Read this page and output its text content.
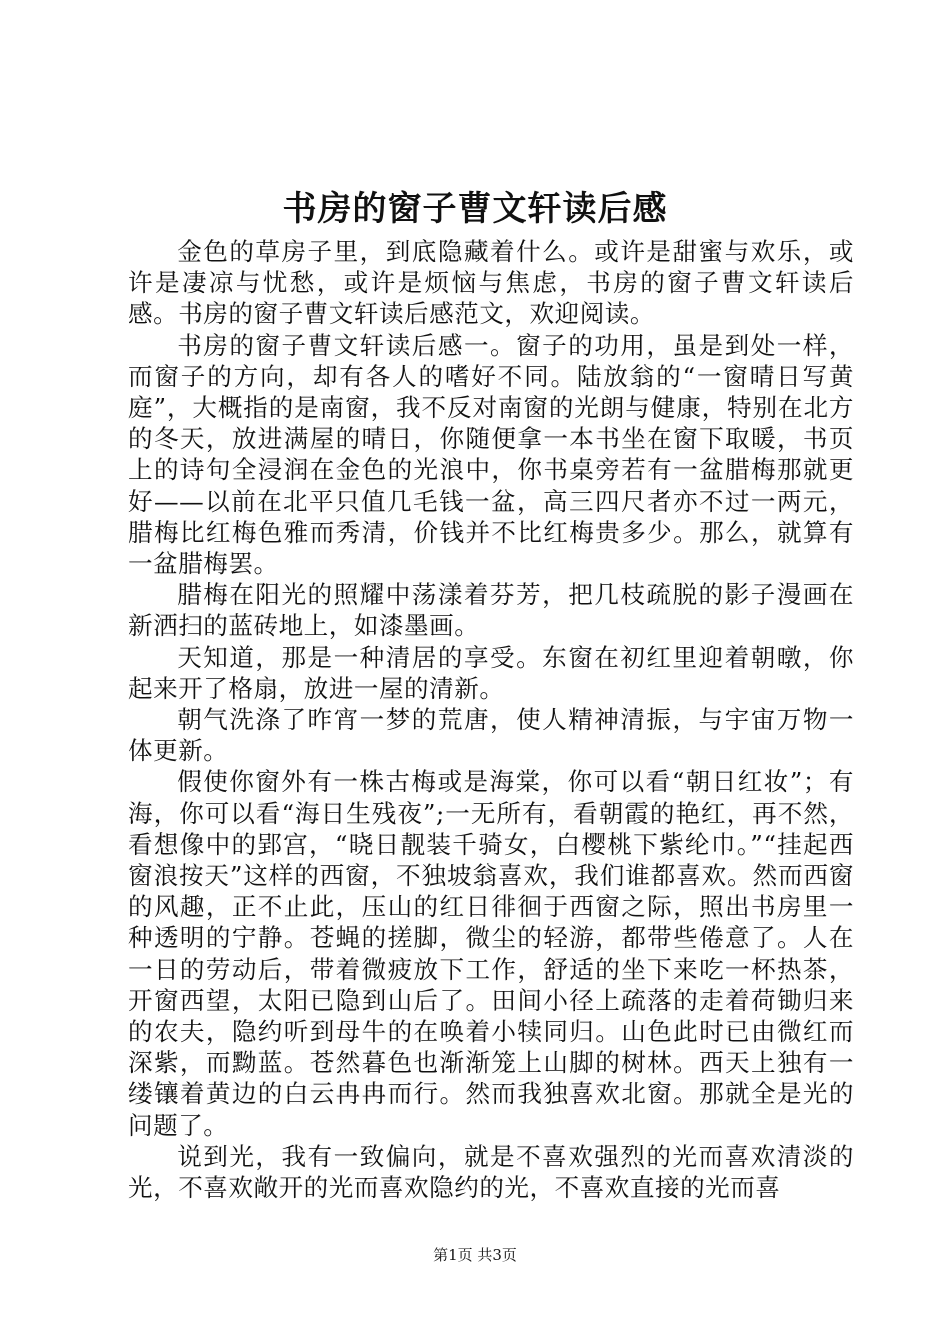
书房的窗子曹文轩读后感

金色的草房子里，到底隐藏着什么。或许是甜蜜与欢乐，或许是凄凉与忧愁，或许是烦恼与焦虑，书房的窗子曹文轩读后感。书房的窗子曹文轩读后感范文，欢迎阅读。

书房的窗子曹文轩读后感一。窗子的功用，虽是到处一样，而窗子的方向，却有各人的嗜好不同。陆放翁的“一窗晴日写黄庭”，大概指的是南窗，我不反对南窗的光朗与健康，特别在北方的冬天，放进满屋的晴日，你随便拿一本书坐在窗下取暖，书页上的诗句全浸润在金色的光浪中，你书桌旁若有一盆腊梅那就更好——以前在北平只值几毛钱一盆，高三四尺者亦不过一两元，腊梅比红梅色雅而秀清，价钱并不比红梅贵多少。那么，就算有一盆腊梅罢。

腊梅在阳光的照耀中荡漾着芬芳，把几枝疏脱的影子漫画在新洒扫的蓝砖地上，如漆墨画。

天知道，那是一种清居的享受。东窗在初红里迎着朝暾，你起来开了格扇，放进一屋的清新。

朝气洗涤了昨宵一梦的荒唐，使人精神清振，与宇宙万物一体更新。

假使你窗外有一株古梅或是海棠，你可以看“朝日红妆”；有海，你可以看“海日生残夜”;一无所有，看朝霞的艳红，再不然，看想像中的郢宫，“晓日靓装千骑女，白樱桃下紫纶巾。”“挂起西窗浪按天”这样的西窗，不独坡翁喜欢，我们谁都喜欢。然而西窗的风趣，正不止此，压山的红日徘徊于西窗之际，照出书房里一种透明的宁静。苍蝇的搓脚，微尘的轻游，都带些倦意了。人在一日的劳动后，带着微疲放下工作，舒适的坐下来吃一杯热茶，开窗西望，太阳已隐到山后了。田间小径上疏落的走着荷锄归来的农夫，隐约听到母牛的在唤着小犊同归。山色此时已由微红而深紫，而黝蓝。苍然暮色也渐渐笼上山脚的树林。西天上独有一缕镶着黄边的白云冉冉而行。然而我独喜欢北窗。那就全是光的问题了。

说到光，我有一致偏向，就是不喜欢强烈的光而喜欢清淡的光，不喜欢敞开的光而喜欢隐约的光，不喜欢直接的光而喜

第1页 共3页
